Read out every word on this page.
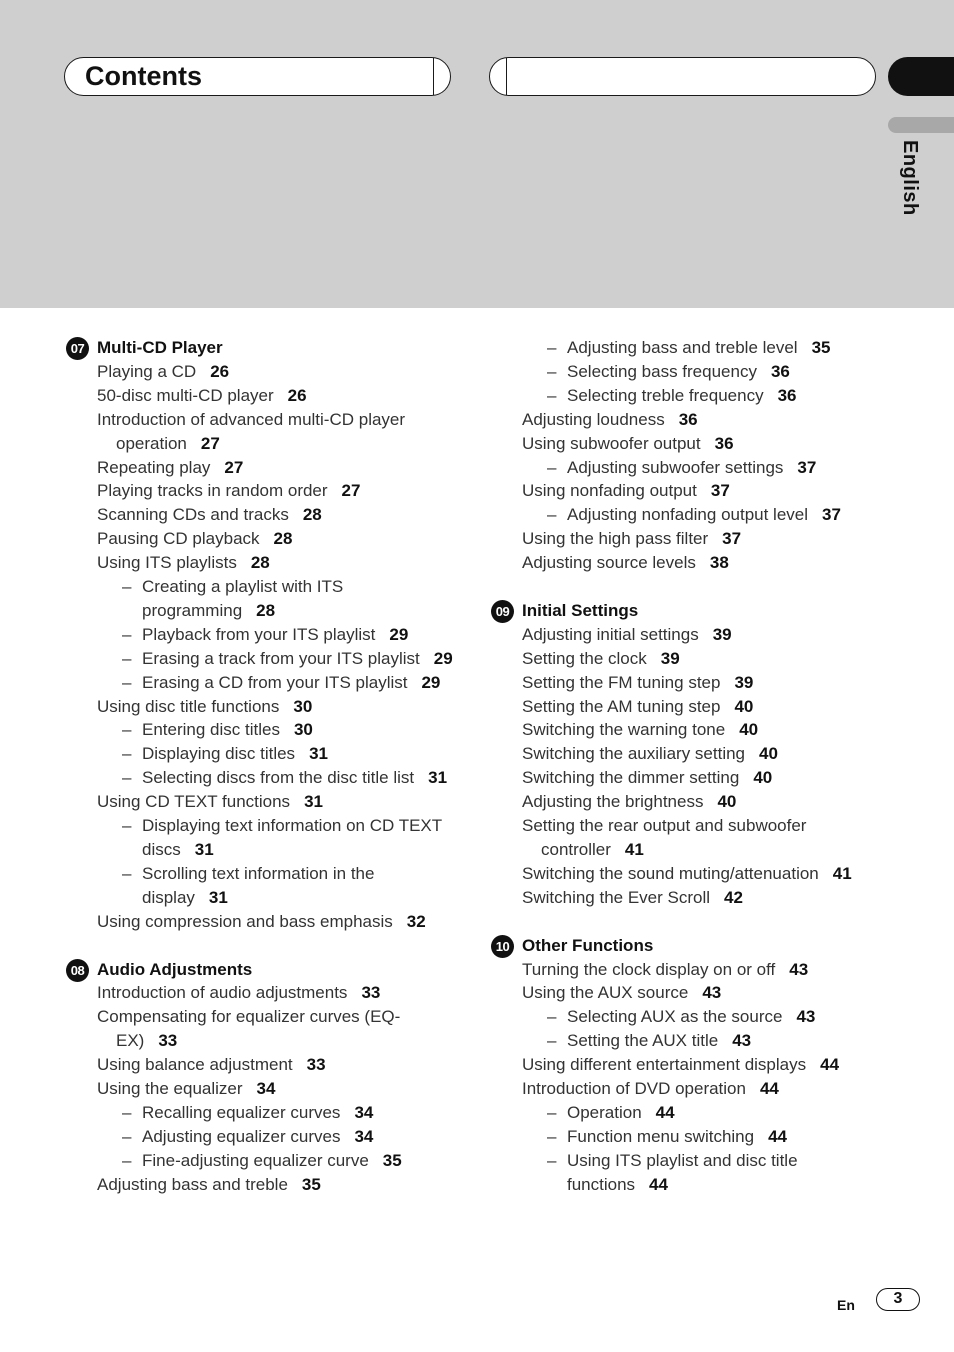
Contents
English
07 Multi-CD Player
Playing a CD 26
50-disc multi-CD player 26
Introduction of advanced multi-CD player operation 27
Repeating play 27
Playing tracks in random order 27
Scanning CDs and tracks 28
Pausing CD playback 28
Using ITS playlists 28
– Creating a playlist with ITS programming 28
– Playback from your ITS playlist 29
– Erasing a track from your ITS playlist 29
– Erasing a CD from your ITS playlist 29
Using disc title functions 30
– Entering disc titles 30
– Displaying disc titles 31
– Selecting discs from the disc title list 31
Using CD TEXT functions 31
– Displaying text information on CD TEXT discs 31
– Scrolling text information in the display 31
Using compression and bass emphasis 32
08 Audio Adjustments
Introduction of audio adjustments 33
Compensating for equalizer curves (EQ-EX) 33
Using balance adjustment 33
Using the equalizer 34
– Recalling equalizer curves 34
– Adjusting equalizer curves 34
– Fine-adjusting equalizer curve 35
Adjusting bass and treble 35
– Adjusting bass and treble level 35
– Selecting bass frequency 36
– Selecting treble frequency 36
Adjusting loudness 36
Using subwoofer output 36
– Adjusting subwoofer settings 37
Using nonfading output 37
– Adjusting nonfading output level 37
Using the high pass filter 37
Adjusting source levels 38
09 Initial Settings
Adjusting initial settings 39
Setting the clock 39
Setting the FM tuning step 39
Setting the AM tuning step 40
Switching the warning tone 40
Switching the auxiliary setting 40
Switching the dimmer setting 40
Adjusting the brightness 40
Setting the rear output and subwoofer controller 41
Switching the sound muting/attenuation 41
Switching the Ever Scroll 42
10 Other Functions
Turning the clock display on or off 43
Using the AUX source 43
– Selecting AUX as the source 43
– Setting the AUX title 43
Using different entertainment displays 44
Introduction of DVD operation 44
– Operation 44
– Function menu switching 44
– Using ITS playlist and disc title functions 44
En	3
